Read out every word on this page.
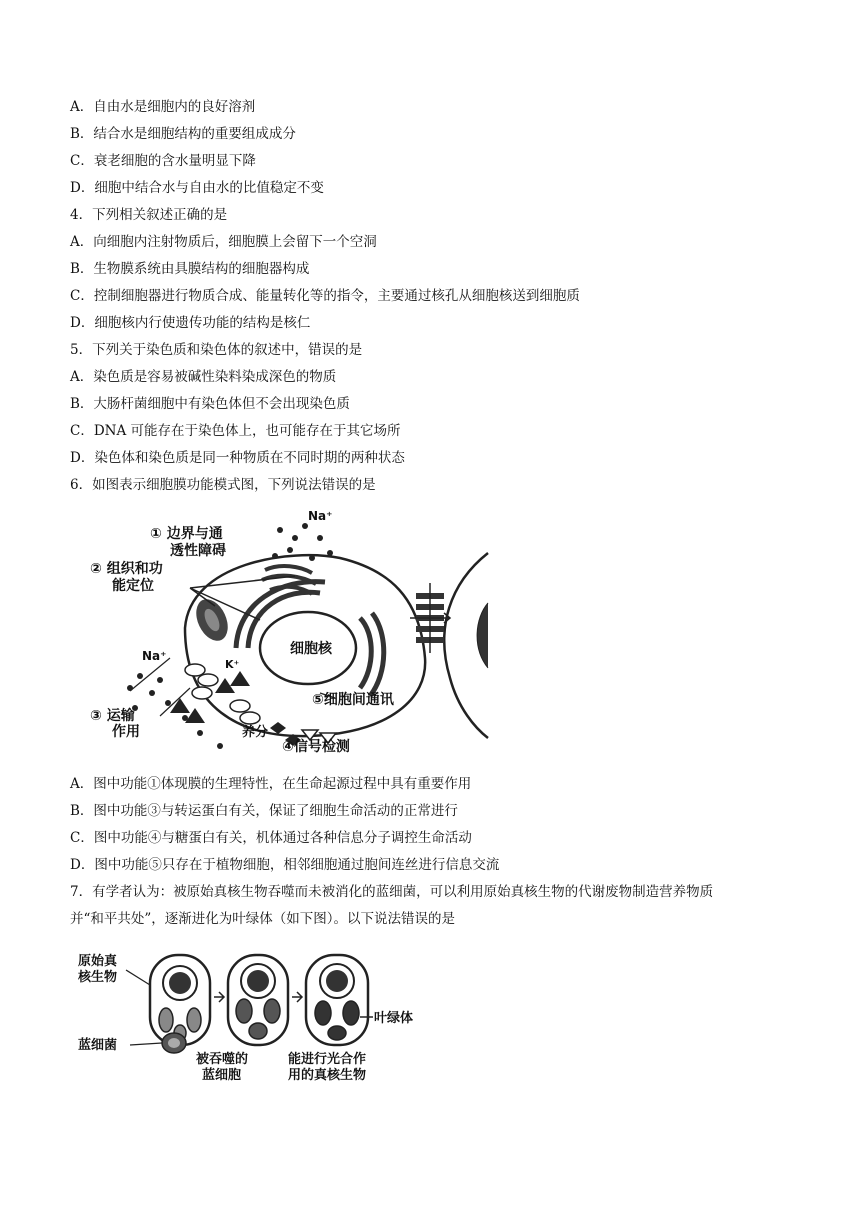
A．自由水是细胞内的良好溶剂
B．结合水是细胞结构的重要组成成分
C．衰老细胞的含水量明显下降
D．细胞中结合水与自由水的比值稳定不变
4．下列相关叙述正确的是
A．向细胞内注射物质后，细胞膜上会留下一个空洞
B．生物膜系统由具膜结构的细胞器构成
C．控制细胞器进行物质合成、能量转化等的指令，主要通过核孔从细胞核送到细胞质
D．细胞核内行使遗传功能的结构是核仁
5．下列关于染色质和染色体的叙述中，错误的是
A．染色质是容易被碱性染料染成深色的物质
B．大肠杆菌细胞中有染色体但不会出现染色质
C．DNA 可能存在于染色体上，也可能存在于其它场所
D．染色体和染色质是同一种物质在不同时期的两种状态
6．如图表示细胞膜功能模式图，下列说法错误的是
① 边界与通
透性障碍
② 组织和功
能定位
③ 运输
作用
④信号检测
⑤细胞间通讯
细胞核
养分
Na⁺
Na⁺
K⁺
A．图中功能①体现膜的生理特性，在生命起源过程中具有重要作用
B．图中功能③与转运蛋白有关，保证了细胞生命活动的正常进行
C．图中功能④与糖蛋白有关，机体通过各种信息分子调控生命活动
D．图中功能⑤只存在于植物细胞，相邻细胞通过胞间连丝进行信息交流
7．有学者认为：被原始真核生物吞噬而未被消化的蓝细菌，可以利用原始真核生物的代谢废物制造营养物质
并“和平共处”，逐渐进化为叶绿体（如下图）。以下说法错误的是
原始真
核生物
蓝细菌
被吞噬的
蓝细胞
能进行光合作
用的真核生物
叶绿体
